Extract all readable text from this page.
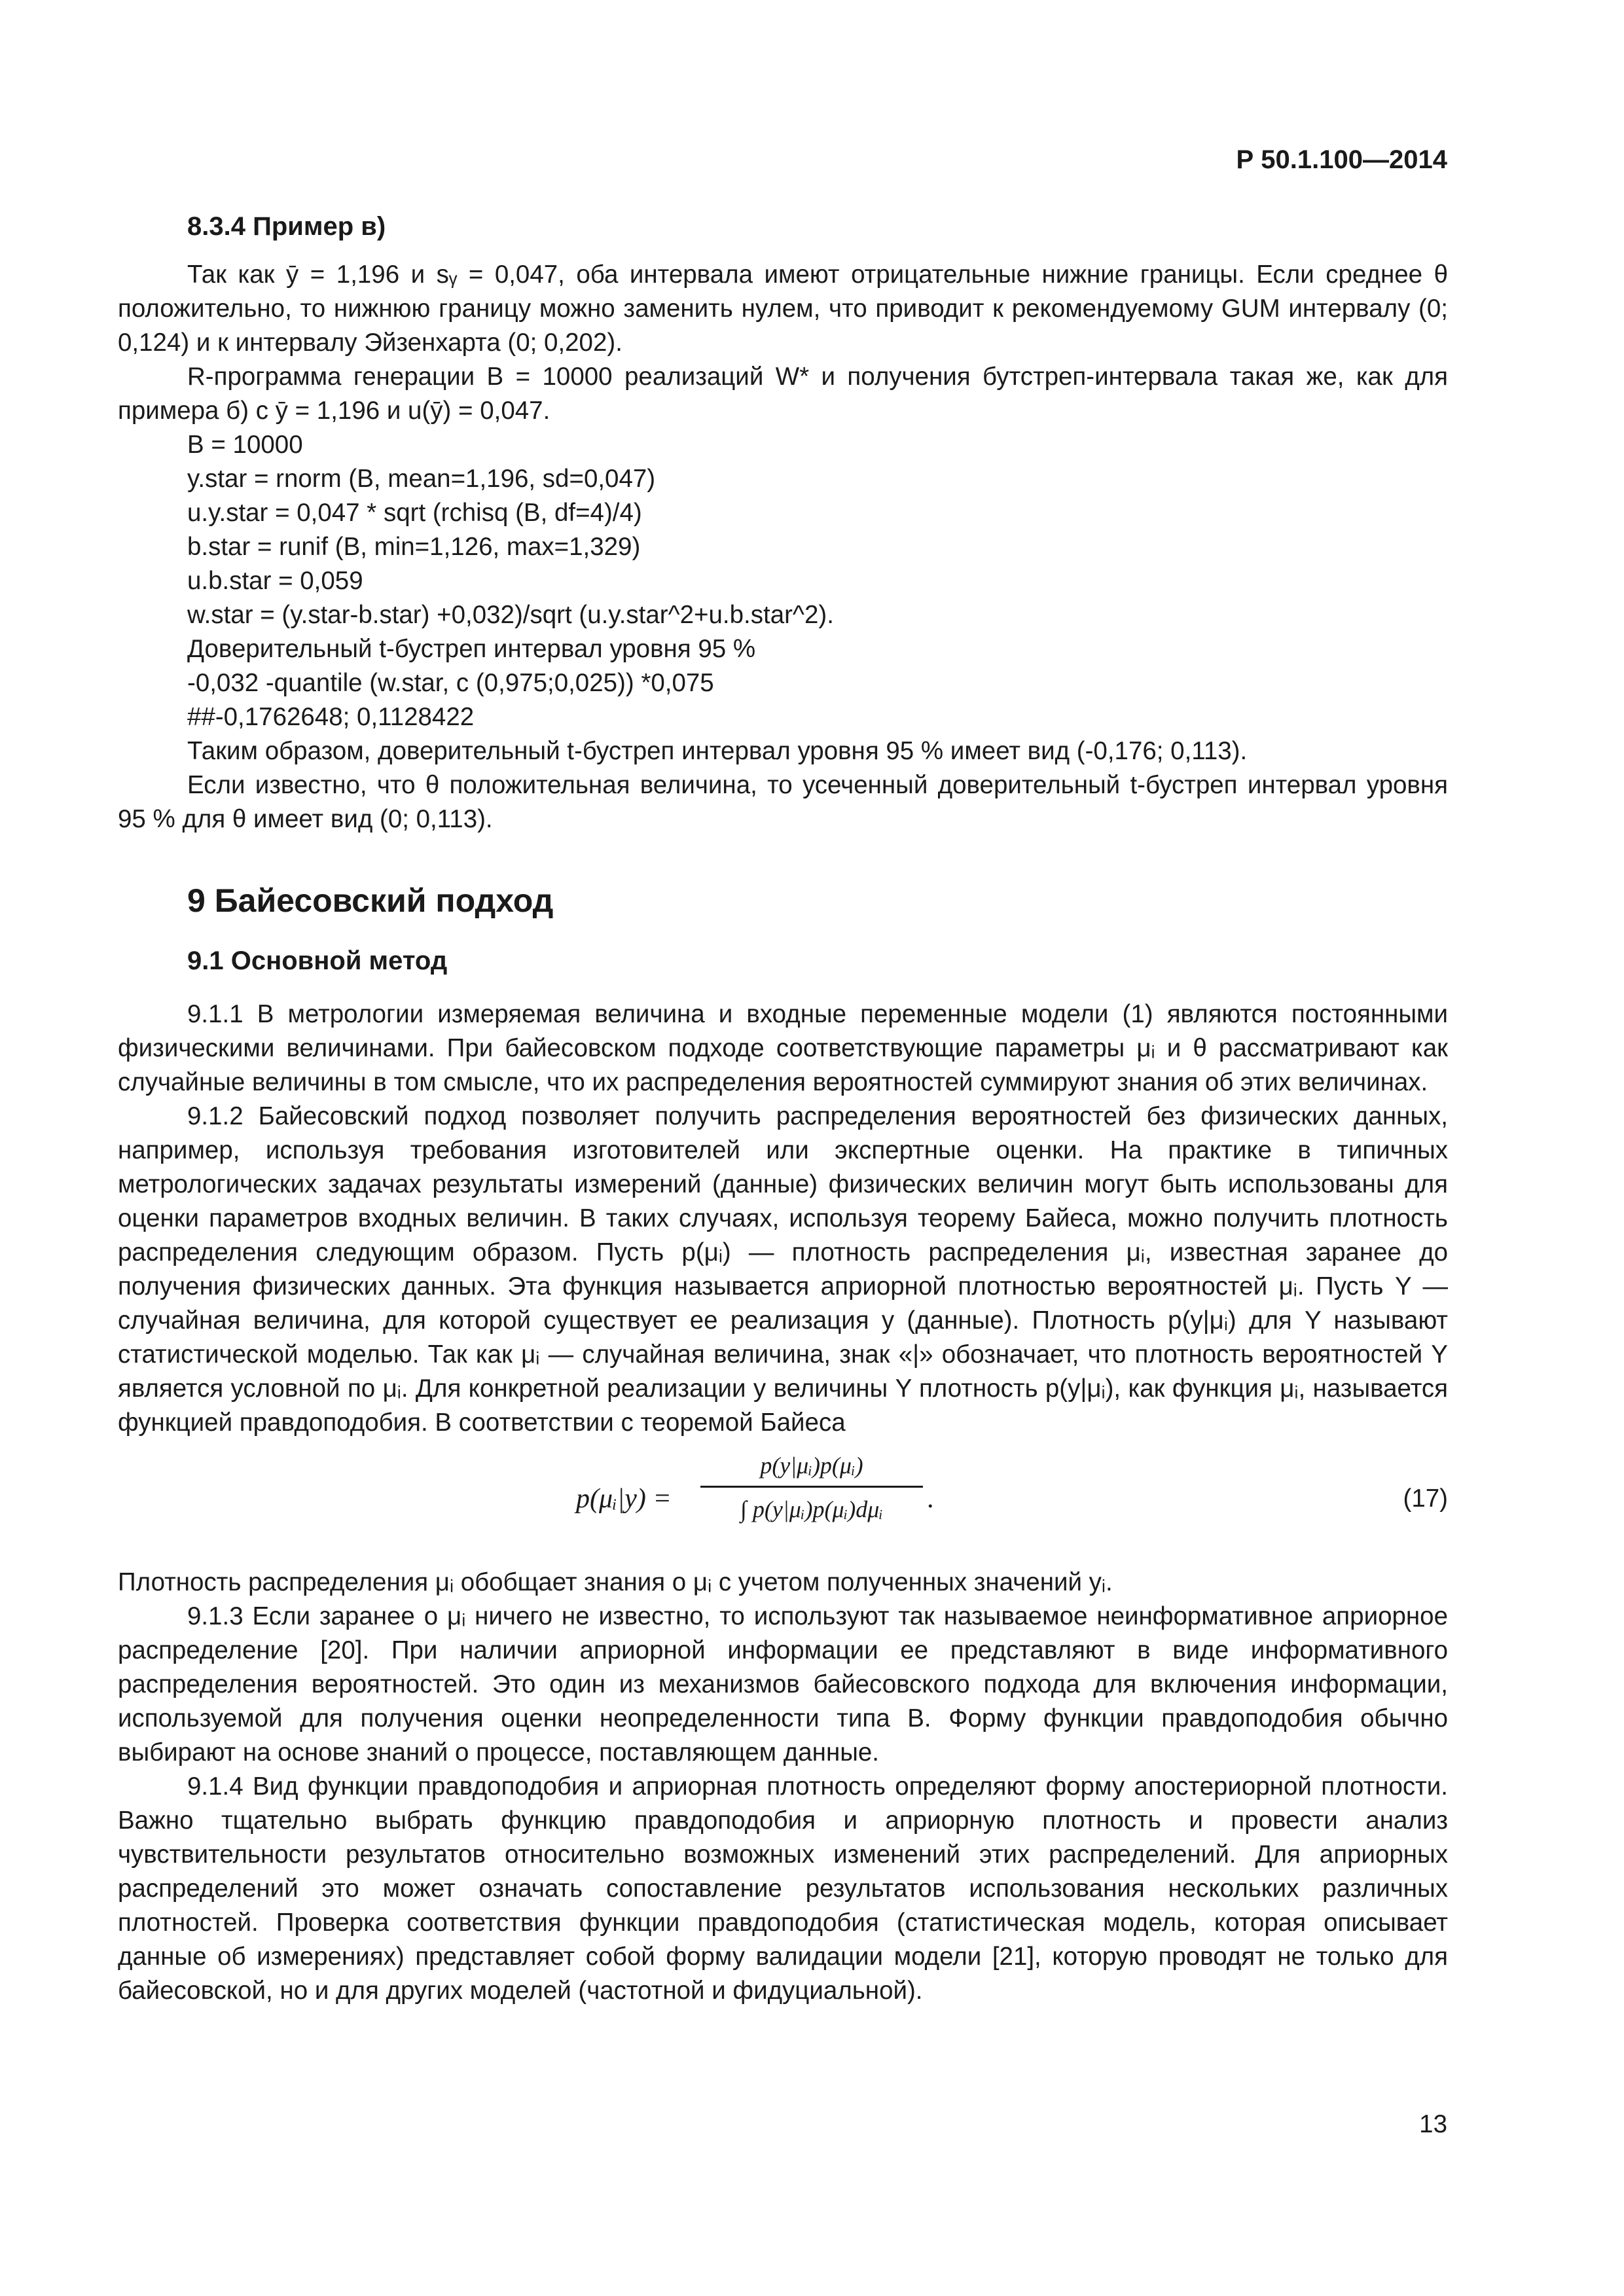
Р 50.1.100—2014

8.3.4 Пример в)

Так как ȳ = 1,196 и sᵧ = 0,047, оба интервала имеют отрицательные нижние границы. Если среднее θ положительно, то нижнюю границу можно заменить нулем, что приводит к рекомендуемому GUM интервалу (0; 0,124) и к интервалу Эйзенхарта (0; 0,202).

R-программа генерации B = 10000 реализаций W* и получения бутстреп-интервала такая же, как для примера б) с ȳ = 1,196 и u(ȳ) = 0,047.

B = 10000
y.star = rnorm (B, mean=1,196, sd=0,047)
u.y.star = 0,047 * sqrt (rchisq (B, df=4)/4)
b.star = runif (B, min=1,126, max=1,329)
u.b.star = 0,059
w.star = (y.star-b.star) +0,032)/sqrt (u.y.star^2+u.b.star^2).
Доверительный t-бустреп интервал уровня 95 %
-0,032 -quantile (w.star, c (0,975;0,025)) *0,075
##-0,1762648; 0,1128422
Таким образом, доверительный t-бустреп интервал уровня 95 % имеет вид (-0,176; 0,113).

Если известно, что θ положительная величина, то усеченный доверительный t-бустреп интервал уровня 95 % для θ имеет вид (0; 0,113).

9 Байесовский подход
9.1 Основной метод

9.1.1 В метрологии измеряемая величина и входные переменные модели (1) являются постоянными физическими величинами. При байесовском подходе соответствующие параметры μᵢ и θ рассматривают как случайные величины в том смысле, что их распределения вероятностей суммируют знания об этих величинах.

9.1.2 Байесовский подход позволяет получить распределения вероятностей без физических данных, например, используя требования изготовителей или экспертные оценки. На практике в типичных метрологических задачах результаты измерений (данные) физических величин могут быть использованы для оценки параметров входных величин. В таких случаях, используя теорему Байеса, можно получить плотность распределения следующим образом. Пусть p(μᵢ) — плотность распределения μᵢ, известная заранее до получения физических данных. Эта функция называется априорной плотностью вероятностей μᵢ. Пусть Y — случайная величина, для которой существует ее реализация y (данные). Плотность p(y|μᵢ) для Y называют статистической моделью. Так как μᵢ — случайная величина, знак «|» обозначает, что плотность вероятностей Y является условной по μᵢ. Для конкретной реализации y величины Y плотность p(y|μᵢ), как функция μᵢ, называется функцией правдоподобия. В соответствии с теоремой Байеса

p(μᵢ|y) =
p(y|μᵢ)p(μᵢ)
∫ p(y|μᵢ)p(μᵢ)dμᵢ	.	(17)

Плотность распределения μᵢ обобщает знания о μᵢ с учетом полученных значений yᵢ.

9.1.3 Если заранее о μᵢ ничего не известно, то используют так называемое неинформативное априорное распределение [20]. При наличии априорной информации ее представляют в виде информативного распределения вероятностей. Это один из механизмов байесовского подхода для включения информации, используемой для получения оценки неопределенности типа B. Форму функции правдоподобия обычно выбирают на основе знаний о процессе, поставляющем данные.

9.1.4 Вид функции правдоподобия и априорная плотность определяют форму апостериорной плотности. Важно тщательно выбрать функцию правдоподобия и априорную плотность и провести анализ чувствительности результатов относительно возможных изменений этих распределений. Для априорных распределений это может означать сопоставление результатов использования нескольких различных плотностей. Проверка соответствия функции правдоподобия (статистическая модель, которая описывает данные об измерениях) представляет собой форму валидации модели [21], которую проводят не только для байесовской, но и для других моделей (частотной и фидуциальной).

13
